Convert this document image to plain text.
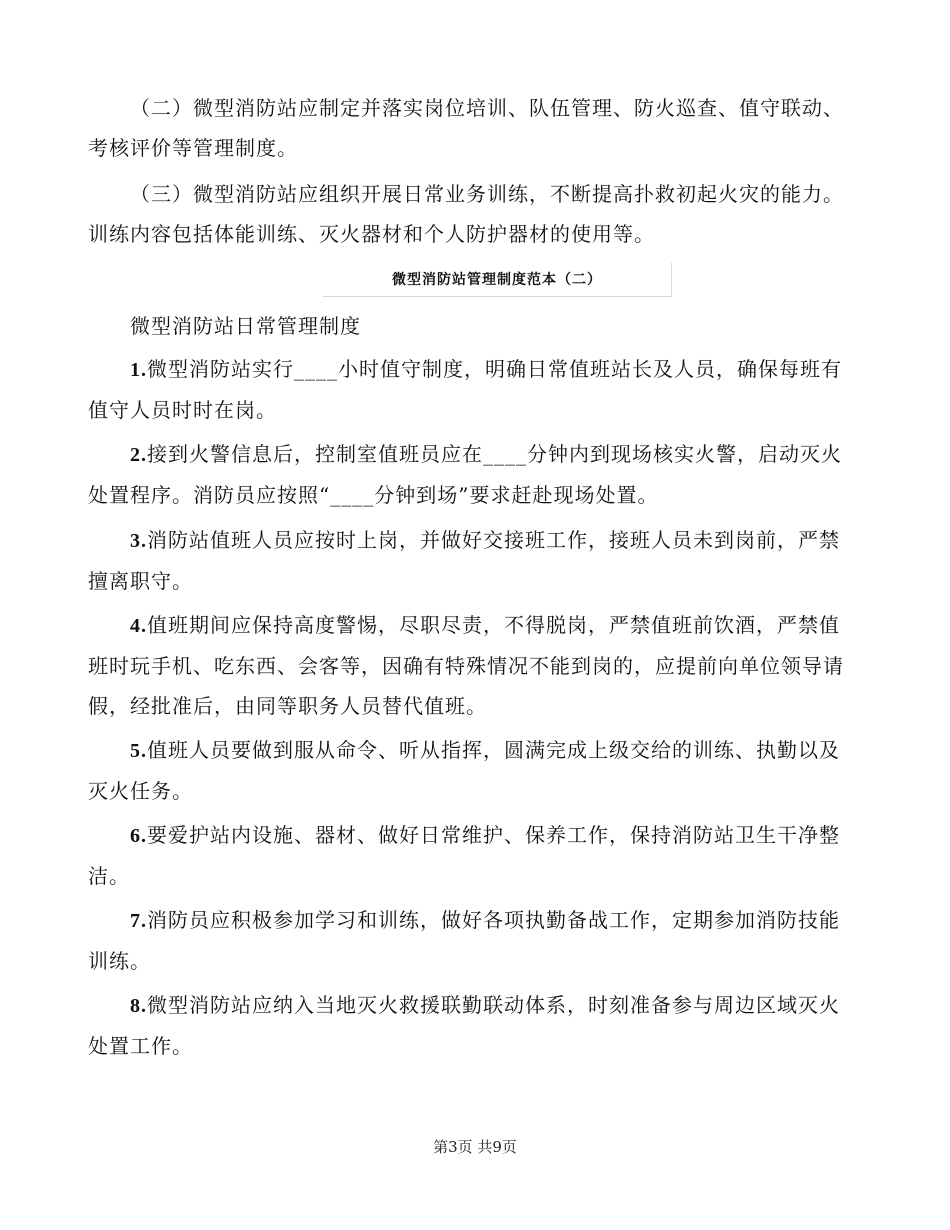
（二）微型消防站应制定并落实岗位培训、队伍管理、防火巡查、值守联动、考核评价等管理制度。

（三）微型消防站应组织开展日常业务训练，不断提高扑救初起火灾的能力。训练内容包括体能训练、灭火器材和个人防护器材的使用等。

微型消防站管理制度范本（二）

微型消防站日常管理制度

1.微型消防站实行____小时值守制度，明确日常值班站长及人员，确保每班有值守人员时时在岗。

2.接到火警信息后，控制室值班员应在____分钟内到现场核实火警，启动灭火处置程序。消防员应按照“____分钟到场”要求赶赴现场处置。

3.消防站值班人员应按时上岗，并做好交接班工作，接班人员未到岗前，严禁擅离职守。

4.值班期间应保持高度警惕，尽职尽责，不得脱岗，严禁值班前饮酒，严禁值班时玩手机、吃东西、会客等，因确有特殊情况不能到岗的，应提前向单位领导请假，经批准后，由同等职务人员替代值班。

5.值班人员要做到服从命令、听从指挥，圆满完成上级交给的训练、执勤以及灭火任务。

6.要爱护站内设施、器材、做好日常维护、保养工作，保持消防站卫生干净整洁。

7.消防员应积极参加学习和训练，做好各项执勤备战工作，定期参加消防技能训练。

8.微型消防站应纳入当地灭火救援联勤联动体系，时刻准备参与周边区域灭火处置工作。

第3页 共9页
